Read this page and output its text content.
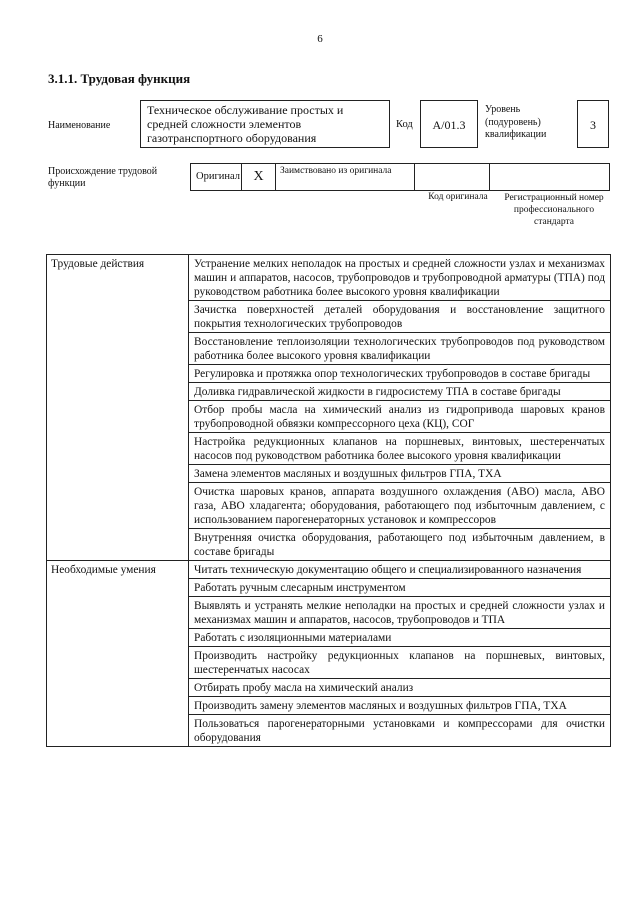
6
3.1.1. Трудовая функция
Наименование
Техническое обслуживание простых и средней сложности элементов газотранспортного оборудования
Код	А/01.3
Уровень (подуровень) квалификации
3
Происхождение трудовой функции
Оригинал X	Заимствовано из оригинала
Код оригинала	Регистрационный номер профессионального стандарта
Трудовые действия	Устранение мелких неполадок на простых и средней сложности узлах и механизмах машин и аппаратов, насосов, трубопроводов и трубопроводной арматуры (ТПА) под руководством работника более высокого уровня квалификации
	Зачистка поверхностей деталей оборудования и восстановление защитного покрытия технологических трубопроводов
	Восстановление теплоизоляции технологических трубопроводов под руководством работника более высокого уровня квалификации
	Регулировка и протяжка опор технологических трубопроводов в составе бригады
	Доливка гидравлической жидкости в гидросистему ТПА в составе бригады
	Отбор пробы масла на химический анализ из гидропривода шаровых кранов трубопроводной обвязки компрессорного цеха (КЦ), СОГ
	Настройка редукционных клапанов на поршневых, винтовых, шестеренчатых насосов под руководством работника более высокого уровня квалификации
	Замена элементов масляных и воздушных фильтров ГПА, ТХА
	Очистка шаровых кранов, аппарата воздушного охлаждения (АВО) масла, АВО газа, АВО хладагента; оборудования, работающего под избыточным давлением, с использованием парогенераторных установок и компрессоров
	Внутренняя очистка оборудования, работающего под избыточным давлением, в составе бригады
Необходимые умения	Читать техническую документацию общего и специализированного назначения
	Работать ручным слесарным инструментом
	Выявлять и устранять мелкие неполадки на простых и средней сложности узлах и механизмах машин и аппаратов, насосов, трубопроводов и ТПА
	Работать с изоляционными материалами
	Производить настройку редукционных клапанов на поршневых, винтовых, шестеренчатых насосах
	Отбирать пробу масла на химический анализ
	Производить замену элементов масляных и воздушных фильтров ГПА, ТХА
	Пользоваться парогенераторными установками и компрессорами для очистки оборудования
